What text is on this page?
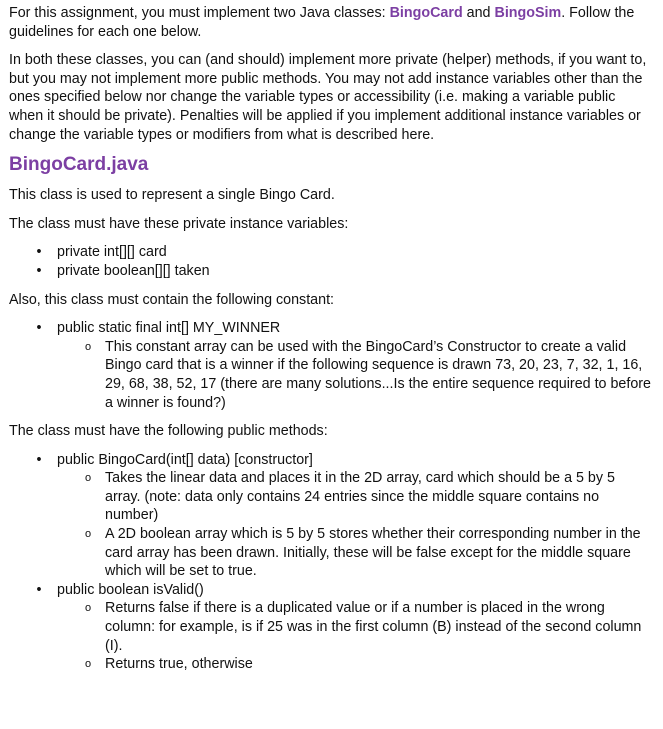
For this assignment, you must implement two Java classes: BingoCard and BingoSim. Follow the guidelines for each one below.

In both these classes, you can (and should) implement more private (helper) methods, if you want to, but you may not implement more public methods. You may not add instance variables other than the ones specified below nor change the variable types or accessibility (i.e. making a variable public when it should be private). Penalties will be applied if you implement additional instance variables or change the variable types or modifiers from what is described here.

BingoCard.java

This class is used to represent a single Bingo Card.

The class must have these private instance variables:

• private int[][] card
• private boolean[][] taken

Also, this class must contain the following constant:

• public static final int[] MY_WINNER
o This constant array can be used with the BingoCard’s Constructor to create a valid Bingo card that is a winner if the following sequence is drawn 73, 20, 23, 7, 32, 1, 16, 29, 68, 38, 52, 17 (there are many solutions...Is the entire sequence required to before a winner is found?)

The class must have the following public methods:

• public BingoCard(int[] data) [constructor]
o Takes the linear data and places it in the 2D array, card which should be a 5 by 5 array. (note: data only contains 24 entries since the middle square contains no number)
o A 2D boolean array which is 5 by 5 stores whether their corresponding number in the card array has been drawn. Initially, these will be false except for the middle square which will be set to true.
• public boolean isValid()
o Returns false if there is a duplicated value or if a number is placed in the wrong column: for example, is if 25 was in the first column (B) instead of the second column (I).
o Returns true, otherwise
